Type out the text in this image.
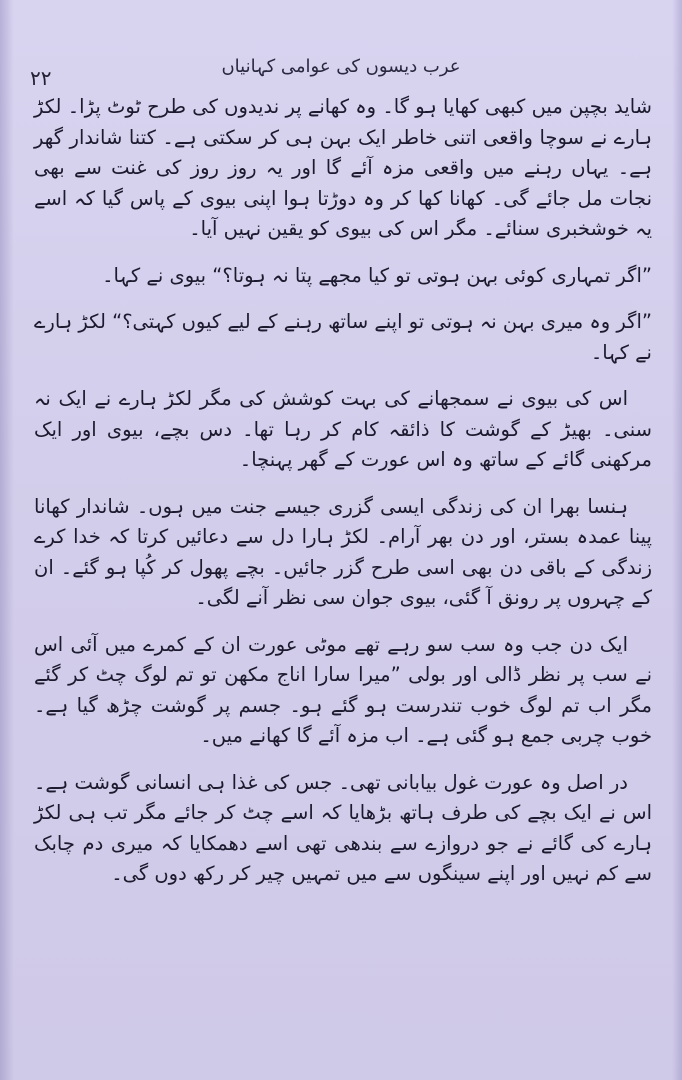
۲۲	عرب دیسوں کی عوامی کہانیاں

شاید بچپن میں کبھی کھایا ہو گا۔ وہ کھانے پر ندیدوں کی طرح ٹوٹ پڑا۔ لکڑ ہارے نے سوچا واقعی اتنی خاطر ایک بہن ہی کر سکتی ہے۔ کتنا شاندار گھر ہے۔ یہاں رہنے میں واقعی مزہ آئے گا اور یہ روز روز کی غنت سے بھی نجات مل جائے گی۔ کھانا کھا کر وہ دوڑتا ہوا اپنی بیوی کے پاس گیا کہ اسے یہ خوشخبری سنائے۔ مگر اس کی بیوی کو یقین نہیں آیا۔

”اگر تمہاری کوئی بہن ہوتی تو کیا مجھے پتا نہ ہوتا؟“ بیوی نے کہا۔

”اگر وہ میری بہن نہ ہوتی تو اپنے ساتھ رہنے کے لیے کیوں کہتی؟“ لکڑ ہارے نے کہا۔

اس کی بیوی نے سمجھانے کی بہت کوشش کی مگر لکڑ ہارے نے ایک نہ سنی۔ بھیڑ کے گوشت کا ذائقہ کام کر رہا تھا۔ دس بچے، بیوی اور ایک مرکھنی گائے کے ساتھ وہ اس عورت کے گھر پہنچا۔

ہنسا بھرا ان کی زندگی ایسی گزری جیسے جنت میں ہوں۔ شاندار کھانا پینا عمدہ بستر، اور دن بھر آرام۔ لکڑ ہارا دل سے دعائیں کرتا کہ خدا کرے زندگی کے باقی دن بھی اسی طرح گزر جائیں۔ بچے پھول کر کُپا ہو گئے۔ ان کے چہروں پر رونق آ گئی، بیوی جوان سی نظر آنے لگی۔

ایک دن جب وہ سب سو رہے تھے موٹی عورت ان کے کمرے میں آئی اس نے سب پر نظر ڈالی اور بولی ”میرا سارا اناج مکھن تو تم لوگ چٹ کر گئے مگر اب تم لوگ خوب تندرست ہو گئے ہو۔ جسم پر گوشت چڑھ گیا ہے۔ خوب چربی جمع ہو گئی ہے۔ اب مزہ آئے گا کھانے میں۔

در اصل وہ عورت غول بیابانی تھی۔ جس کی غذا ہی انسانی گوشت ہے۔ اس نے ایک بچے کی طرف ہاتھ بڑھایا کہ اسے چٹ کر جائے مگر تب ہی لکڑ ہارے کی گائے نے جو دروازے سے بندھی تھی اسے دھمکایا کہ میری دم چابک سے کم نہیں اور اپنے سینگوں سے میں تمہیں چیر کر رکھ دوں گی۔
